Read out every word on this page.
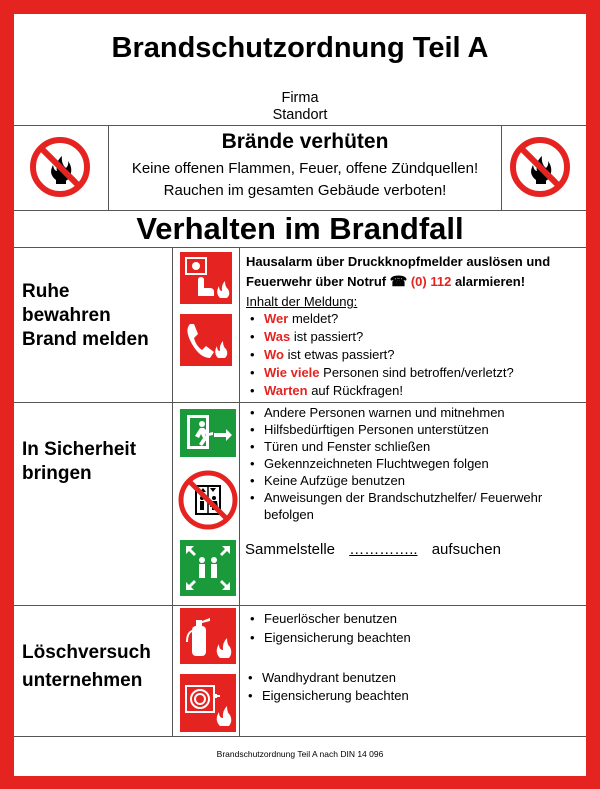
Brandschutzordnung Teil A
Firma
Standort
Brände verhüten
Keine offenen Flammen, Feuer, offene Zündquellen!
Rauchen im gesamten Gebäude verboten!
Verhalten im Brandfall
Ruhe
bewahren
Brand melden
Hausalarm über Druckknopfmelder auslösen und
Feuerwehr über Notruf ☎ (0) 112 alarmieren!
Inhalt der Meldung:
• Wer meldet?
• Was ist passiert?
• Wo ist etwas passiert?
• Wie viele Personen sind betroffen/verletzt?
• Warten auf Rückfragen!
In Sicherheit
bringen
• Andere Personen warnen und mitnehmen
• Hilfsbedürftigen Personen unterstützen
• Türen und Fenster schließen
• Gekennzeichneten Fluchtwegen folgen
• Keine Aufzüge benutzen
• Anweisungen der Brandschutzhelfer/ Feuerwehr
befolgen
Sammelstelle ………….. aufsuchen
Löschversuch
unternehmen
• Feuerlöscher benutzen
• Eigensicherung beachten
• Wandhydrant benutzen
• Eigensicherung beachten
Brandschutzordnung Teil A nach DIN 14 096
